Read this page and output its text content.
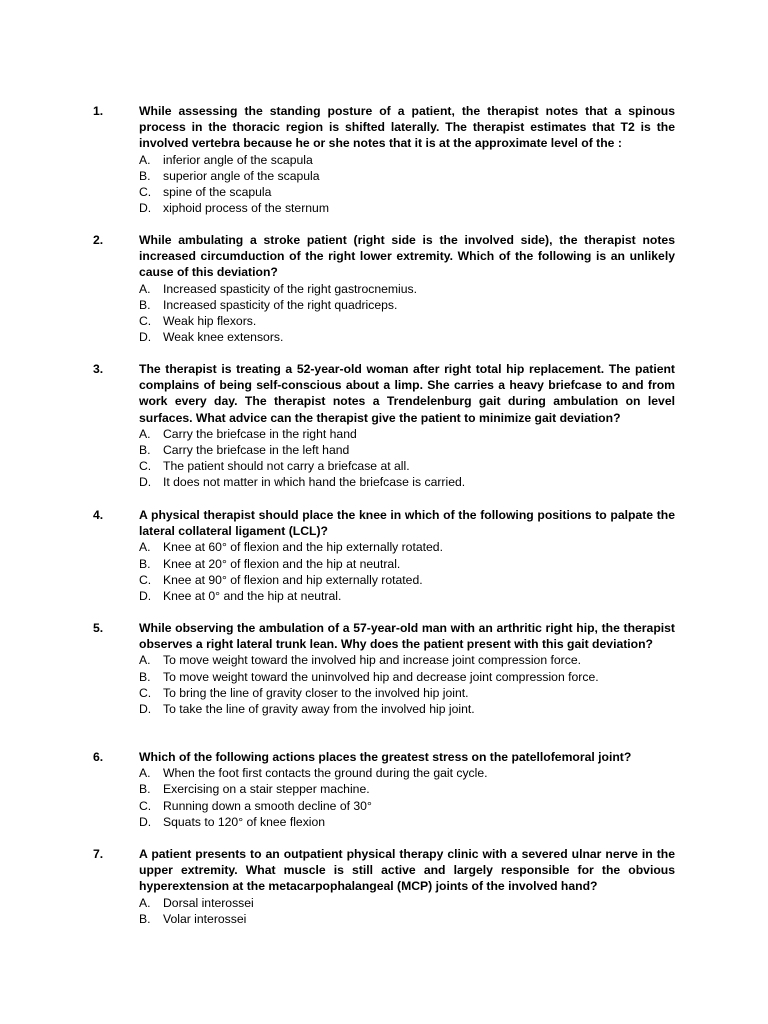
1.	While assessing the standing posture of a patient, the therapist notes that a spinous process in the thoracic region is shifted laterally. The therapist estimates that T2 is the involved vertebra because he or she notes that it is at the approximate level of the :
A.	inferior angle of the scapula
B.	superior angle of the scapula
C. spine of the scapula
D. xiphoid process of the sternum
2.	While ambulating a stroke patient (right side is the involved side), the therapist notes increased circumduction of the right lower extremity. Which of the following is an unlikely cause of this deviation?
A.	Increased spasticity of the right gastrocnemius.
B.	Increased spasticity of the right quadriceps.
C. Weak hip flexors.
D. Weak knee extensors.
3.	The therapist is treating a 52-year-old woman after right total hip replacement. The patient complains of being self-conscious about a limp. She carries a heavy briefcase to and from work every day. The therapist notes a Trendelenburg gait during ambulation on level surfaces. What advice can the therapist give the patient to minimize gait deviation?
A.	Carry the briefcase in the right hand
B.	Carry the briefcase in the left hand
C. The patient should not carry a briefcase at all.
D. It does not matter in which hand the briefcase is carried.
4.	A physical therapist should place the knee in which of the following positions to palpate the lateral collateral ligament (LCL)?
A.	Knee at 60° of flexion and the hip externally rotated.
B.	Knee at 20° of flexion and the hip at neutral.
C. Knee at 90° of flexion and hip externally rotated.
D. Knee at 0° and the hip at neutral.
5.	While observing the ambulation of a 57-year-old man with an arthritic right hip, the therapist observes a right lateral trunk lean. Why does the patient present with this gait deviation?
A.	To move weight toward the involved hip and increase joint compression force.
B.	To move weight toward the uninvolved hip and decrease joint compression force.
C. To bring the line of gravity closer to the involved hip joint.
D. To take the line of gravity away from the involved hip joint.
6.	Which of the following actions places the greatest stress on the patellofemoral joint?
A.	When the foot first contacts the ground during the gait cycle.
B.	Exercising on a stair stepper machine.
C. Running down a smooth decline of 30°
D. Squats to 120° of knee flexion
7.	A patient presents to an outpatient physical therapy clinic with a severed ulnar nerve in the upper extremity. What muscle is still active and largely responsible for the obvious hyperextension at the metacarpophalangeal (MCP) joints of the involved hand?
A.	Dorsal interossei
B.	Volar interossei
